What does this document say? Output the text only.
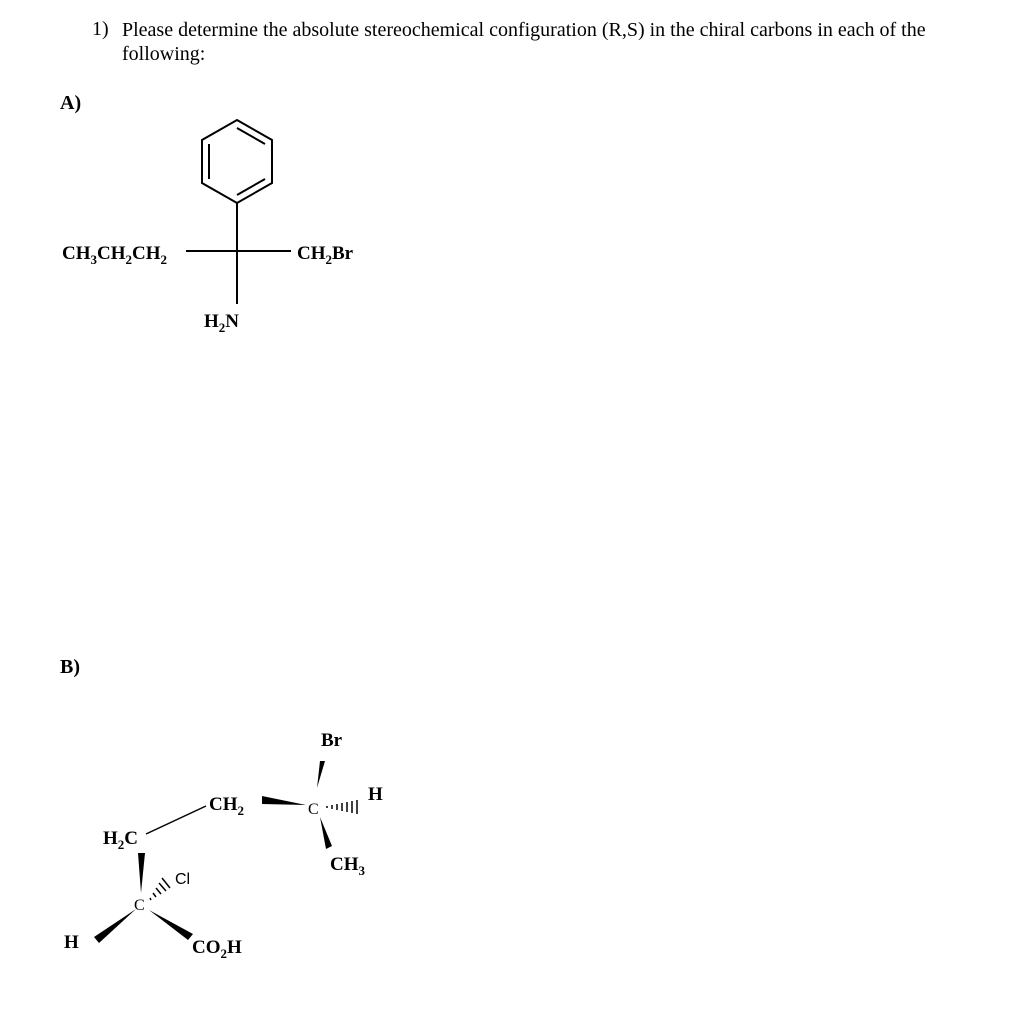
1) Please determine the absolute stereochemical configuration (R,S) in the chiral carbons in each of the following:
A)
B)
$CH_3CH_2CH_2$	$CH_2Br$
$H_2N$
Br
C
H
$CH_3$
$CH_2$
$H_2C$
C
Cl
H	$CO_2H$
